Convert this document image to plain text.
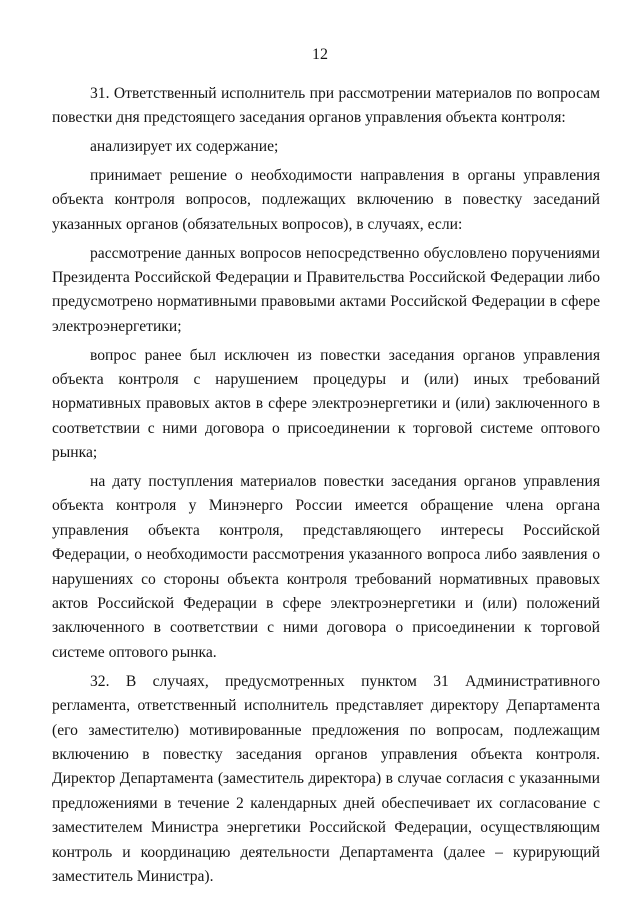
12

31. Ответственный исполнитель при рассмотрении материалов по вопросам повестки дня предстоящего заседания органов управления объекта контроля:

анализирует их содержание;

принимает решение о необходимости направления в органы управления объекта контроля вопросов, подлежащих включению в повестку заседаний указанных органов (обязательных вопросов), в случаях, если:

рассмотрение данных вопросов непосредственно обусловлено поручениями Президента Российской Федерации и Правительства Российской Федерации либо предусмотрено нормативными правовыми актами Российской Федерации в сфере электроэнергетики;

вопрос ранее был исключен из повестки заседания органов управления объекта контроля с нарушением процедуры и (или) иных требований нормативных правовых актов в сфере электроэнергетики и (или) заключенного в соответствии с ними договора о присоединении к торговой системе оптового рынка;

на дату поступления материалов повестки заседания органов управления объекта контроля у Минэнерго России имеется обращение члена органа управления объекта контроля, представляющего интересы Российской Федерации, о необходимости рассмотрения указанного вопроса либо заявления о нарушениях со стороны объекта контроля требований нормативных правовых актов Российской Федерации в сфере электроэнергетики и (или) положений заключенного в соответствии с ними договора о присоединении к торговой системе оптового рынка.

32. В случаях, предусмотренных пунктом 31 Административного регламента, ответственный исполнитель представляет директору Департамента (его заместителю) мотивированные предложения по вопросам, подлежащим включению в повестку заседания органов управления объекта контроля. Директор Департамента (заместитель директора) в случае согласия с указанными предложениями в течение 2 календарных дней обеспечивает их согласование с заместителем Министра энергетики Российской Федерации, осуществляющим контроль и координацию деятельности Департамента (далее – курирующий заместитель Министра).
